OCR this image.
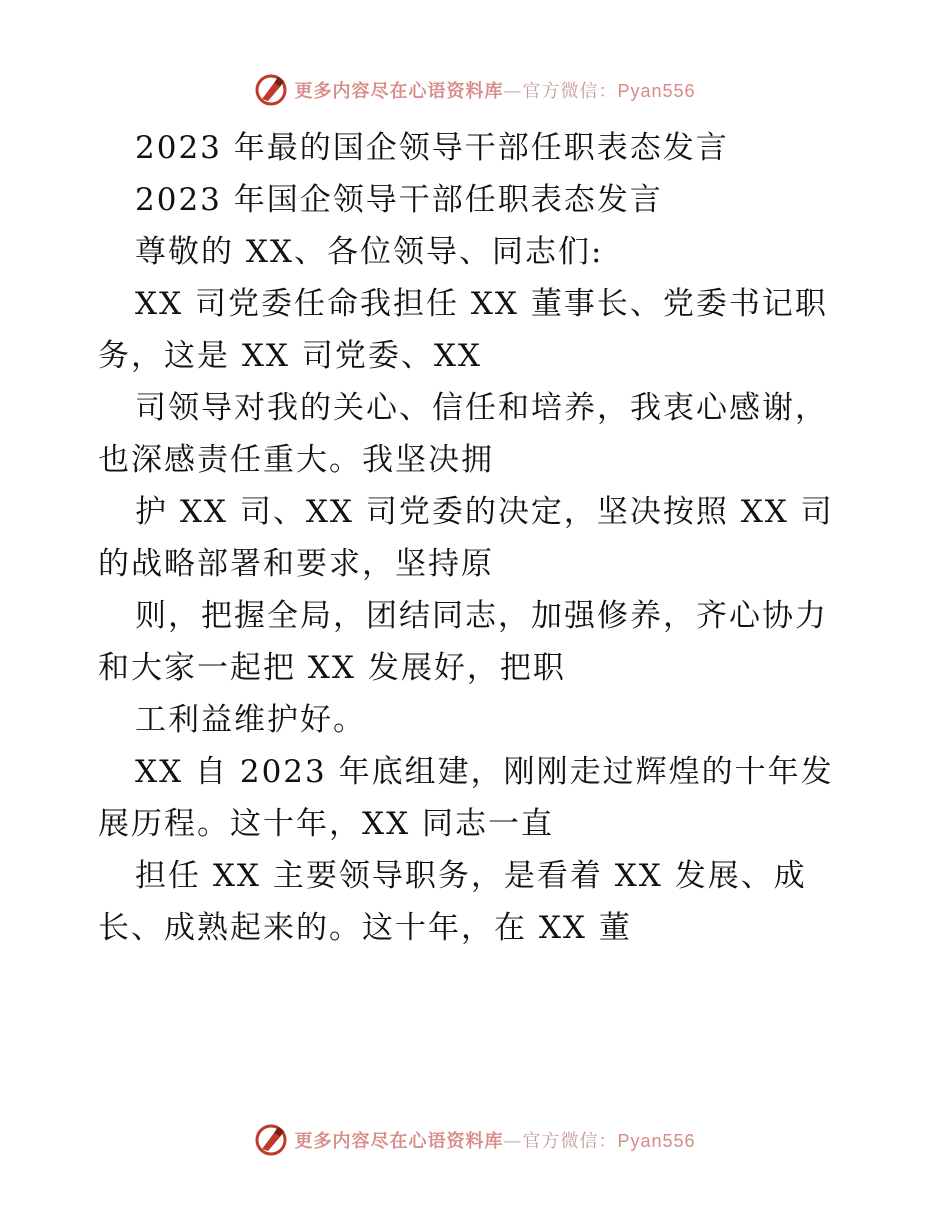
更多内容尽在心语资料库—官方微信：Pyan556
2023 年最的国企领导干部任职表态发言
2023 年国企领导干部任职表态发言
尊敬的 XX、各位领导、同志们:
XX 司党委任命我担任 XX 董事长、党委书记职
务，这是 XX 司党委、XX
司领导对我的关心、信任和培养，我衷心感谢，
也深感责任重大。我坚决拥
护 XX 司、XX 司党委的决定，坚决按照 XX 司
的战略部署和要求，坚持原
则，把握全局，团结同志，加强修养，齐心协力
和大家一起把 XX 发展好，把职
工利益维护好。
XX 自 2023 年底组建，刚刚走过辉煌的十年发
展历程。这十年，XX 同志一直
担任 XX 主要领导职务，是看着 XX 发展、成
长、成熟起来的。这十年，在 XX 董
更多内容尽在心语资料库—官方微信：Pyan556
